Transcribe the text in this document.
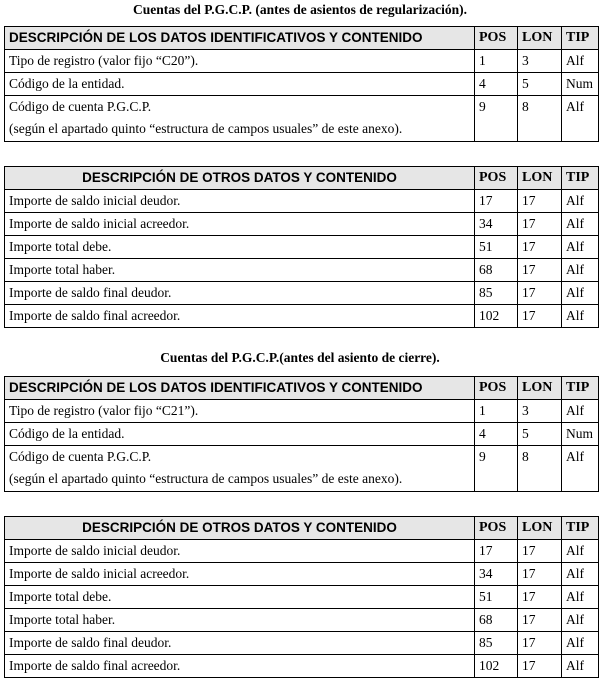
Cuentas del P.G.C.P. (antes de asientos de regularización).
DESCRIPCIÓN DE LOS DATOS IDENTIFICATIVOS Y CONTENIDO	POS	LON	TIP
Tipo de registro (valor fijo “C20”).	1	3	Alf
Código de la entidad.	4	5	Num

Código de cuenta P.G.C.P.
(según el apartado quinto “estructura de campos usuales” de este anexo).	9	8	Alf
DESCRIPCIÓN DE OTROS DATOS Y CONTENIDO	POS	LON	TIP
Importe de saldo inicial deudor.	17	17	Alf
Importe de saldo inicial acreedor.	34	17	Alf
Importe total debe.	51	17	Alf
Importe total haber.	68	17	Alf
Importe de saldo final deudor.	85	17	Alf
Importe de saldo final acreedor.	102	17	Alf
Cuentas del P.G.C.P.(antes del asiento de cierre).
DESCRIPCIÓN DE LOS DATOS IDENTIFICATIVOS Y CONTENIDO	POS	LON	TIP
Tipo de registro (valor fijo “C21”).	1	3	Alf
Código de la entidad.	4	5	Num

Código de cuenta P.G.C.P.
(según el apartado quinto “estructura de campos usuales” de este anexo).	9	8	Alf
DESCRIPCIÓN DE OTROS DATOS Y CONTENIDO	POS	LON	TIP
Importe de saldo inicial deudor.	17	17	Alf
Importe de saldo inicial acreedor.	34	17	Alf
Importe total debe.	51	17	Alf
Importe total haber.	68	17	Alf
Importe de saldo final deudor.	85	17	Alf
Importe de saldo final acreedor.	102	17	Alf
